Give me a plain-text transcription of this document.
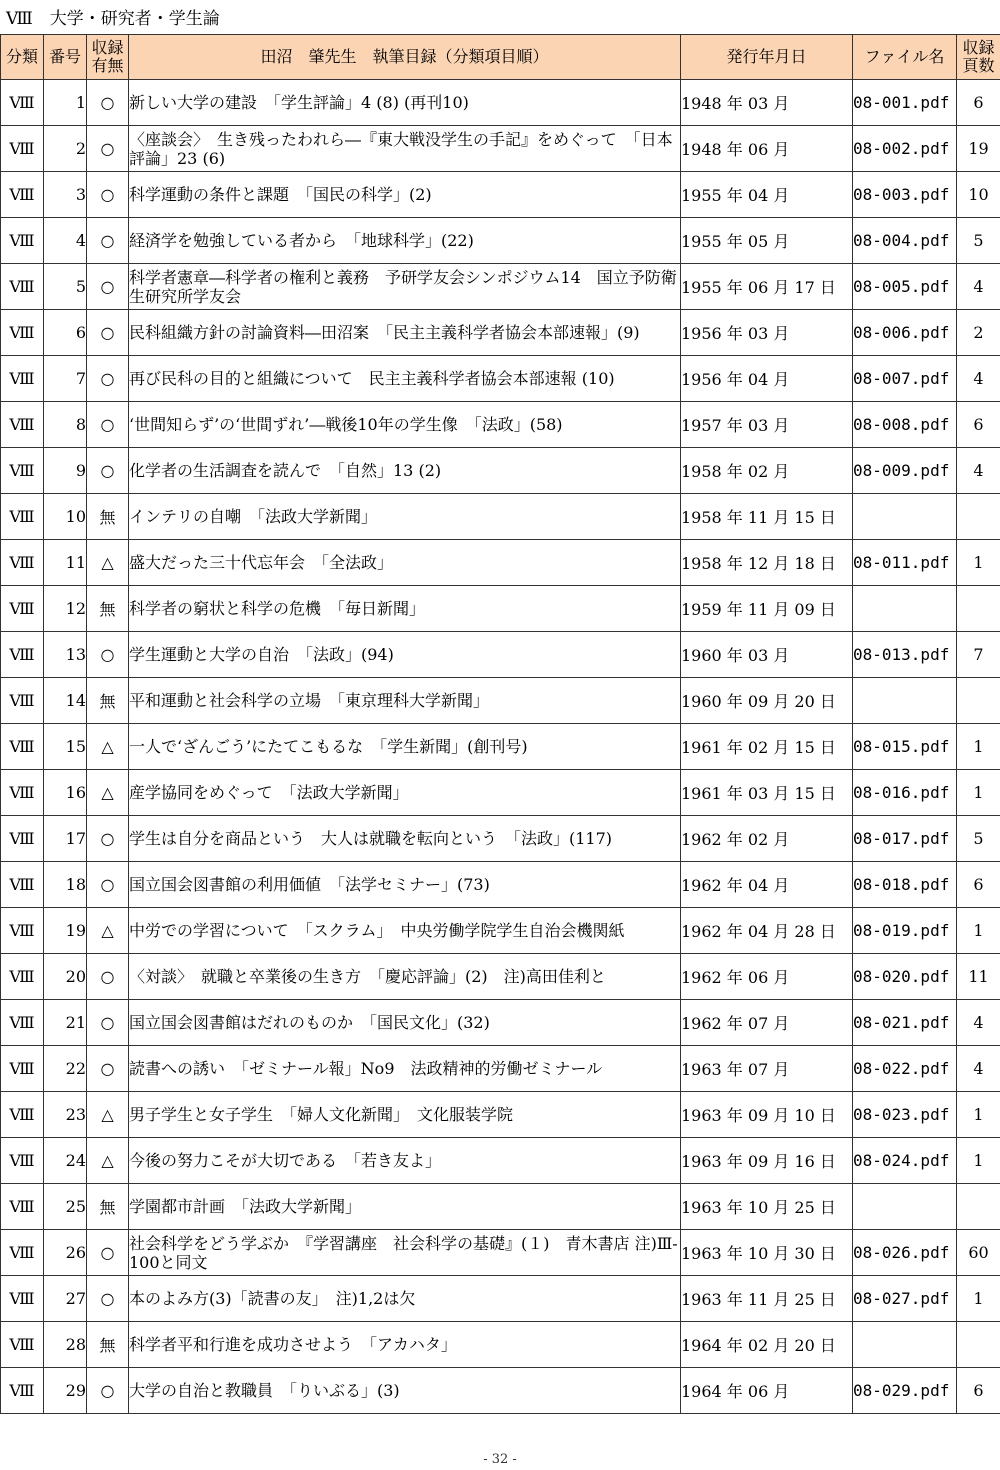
Ⅷ　大学・研究者・学生論
分類	番号	収録
有無	田沼　肇先生　執筆目録（分類項目順）	発行年月日	ファイル名	収録
頁数
Ⅷ	1	○	新しい大学の建設　「学生評論」4 (8) (再刊10)	1948 年 03 月	08-001.pdf	6
Ⅷ	2	○	〈座談会〉　生き残ったわれら―『東大戦没学生の手記』をめぐって　「日本評論」23 (6)	1948 年 06 月	08-002.pdf	19
Ⅷ	3	○	科学運動の条件と課題　「国民の科学」(2)	1955 年 04 月	08-003.pdf	10
Ⅷ	4	○	経済学を勉強している者から　「地球科学」(22)	1955 年 05 月	08-004.pdf	5
Ⅷ	5	○	科学者憲章―科学者の権利と義務　予研学友会シンポジウム14　国立予防衛生研究所学友会	1955 年 06 月 17 日	08-005.pdf	4
Ⅷ	6	○	民科組織方針の討論資料―田沼案　「民主主義科学者協会本部速報」(9)	1956 年 03 月	08-006.pdf	2
Ⅷ	7	○	再び民科の目的と組織について　民主主義科学者協会本部速報 (10)	1956 年 04 月	08-007.pdf	4
Ⅷ	8	○	‘世間知らず’の‘世間ずれ’―戦後10年の学生像　「法政」(58)	1957 年 03 月	08-008.pdf	6
Ⅷ	9	○	化学者の生活調査を読んで　「自然」13 (2)	1958 年 02 月	08-009.pdf	4
Ⅷ	10	無	インテリの自嘲　「法政大学新聞」	1958 年 11 月 15 日		
Ⅷ	11	△	盛大だった三十代忘年会　「全法政」	1958 年 12 月 18 日	08-011.pdf	1
Ⅷ	12	無	科学者の窮状と科学の危機　「毎日新聞」	1959 年 11 月 09 日		
Ⅷ	13	○	学生運動と大学の自治　「法政」(94)	1960 年 03 月	08-013.pdf	7
Ⅷ	14	無	平和運動と社会科学の立場　「東京理科大学新聞」	1960 年 09 月 20 日		
Ⅷ	15	△	一人で‘ざんごう’にたてこもるな　「学生新聞」(創刊号)	1961 年 02 月 15 日	08-015.pdf	1
Ⅷ	16	△	産学協同をめぐって　「法政大学新聞」	1961 年 03 月 15 日	08-016.pdf	1
Ⅷ	17	○	学生は自分を商品という　大人は就職を転向という　「法政」(117)	1962 年 02 月	08-017.pdf	5
Ⅷ	18	○	国立国会図書館の利用価値　「法学セミナー」(73)	1962 年 04 月	08-018.pdf	6
Ⅷ	19	△	中労での学習について　「スクラム」　中央労働学院学生自治会機関紙	1962 年 04 月 28 日	08-019.pdf	1
Ⅷ	20	○	〈対談〉　就職と卒業後の生き方　「慶応評論」(2)　注)高田佳利と	1962 年 06 月	08-020.pdf	11
Ⅷ	21	○	国立国会図書館はだれのものか　「国民文化」(32)	1962 年 07 月	08-021.pdf	4
Ⅷ	22	○	読書への誘い　「ゼミナール報」No9　法政精神的労働ゼミナール	1963 年 07 月	08-022.pdf	4
Ⅷ	23	△	男子学生と女子学生　「婦人文化新聞」　文化服装学院	1963 年 09 月 10 日	08-023.pdf	1
Ⅷ	24	△	今後の努力こそが大切である　「若き友よ」	1963 年 09 月 16 日	08-024.pdf	1
Ⅷ	25	無	学園都市計画　「法政大学新聞」	1963 年 10 月 25 日		
Ⅷ	26	○	社会科学をどう学ぶか　『学習講座　社会科学の基礎』(１)　青木書店 注)Ⅲ-100と同文	1963 年 10 月 30 日	08-026.pdf	60
Ⅷ	27	○	本のよみ方(3)「読書の友」　注)1,2は欠	1963 年 11 月 25 日	08-027.pdf	1
Ⅷ	28	無	科学者平和行進を成功させよう　「アカハタ」	1964 年 02 月 20 日		
Ⅷ	29	○	大学の自治と教職員　「りいぶる」(3)	1964 年 06 月	08-029.pdf	6
- 32 -
